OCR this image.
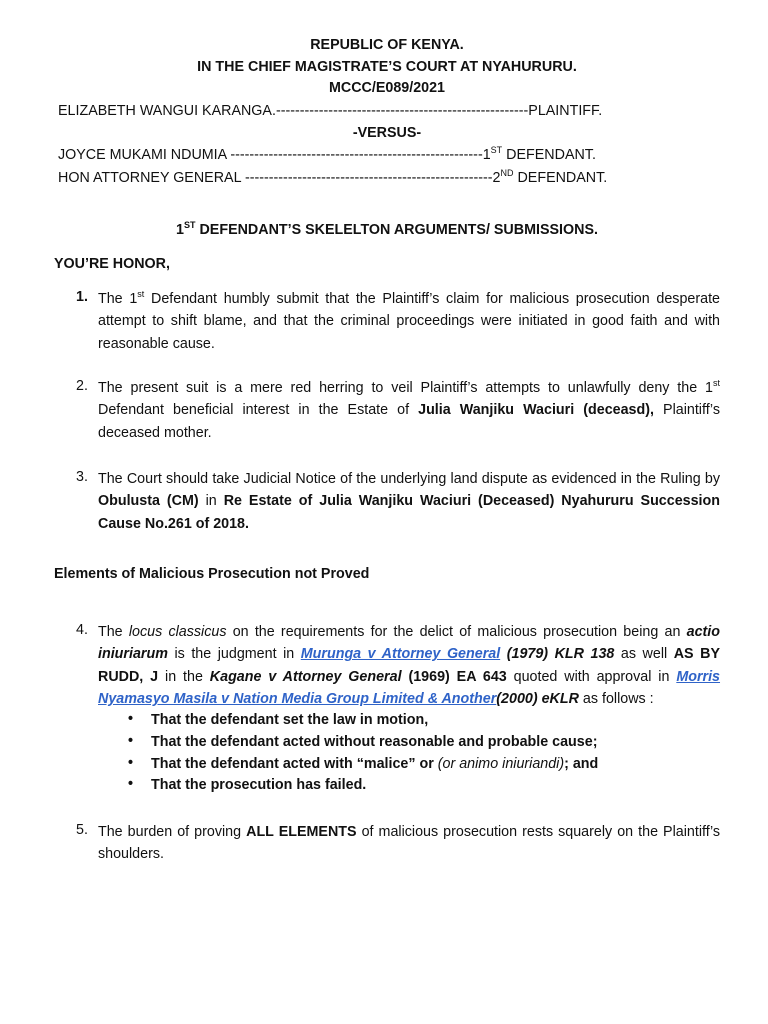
REPUBLIC OF KENYA.
IN THE CHIEF MAGISTRATE’S COURT AT NYAHURURU.
MCCC/E089/2021
ELIZABETH WANGUI KARANGA.-----------------------------------------------------PLAINTIFF.
-VERSUS-
JOYCE MUKAMI NDUMIA -----------------------------------------------------1ST DEFENDANT.
HON ATTORNEY GENERAL ----------------------------------------------------2ND DEFENDANT.
1ST DEFENDANT’S SKELELTON ARGUMENTS/ SUBMISSIONS.
YOU’RE HONOR,
1. The 1st Defendant humbly submit that the Plaintiff’s claim for malicious prosecution desperate attempt to shift blame, and that the criminal proceedings were initiated in good faith and with reasonable cause.
2. The present suit is a mere red herring to veil Plaintiff’s attempts to unlawfully deny the 1st Defendant beneficial interest in the Estate of Julia Wanjiku Waciuri (deceasd), Plaintiff’s deceased mother.
3. The Court should take Judicial Notice of the underlying land dispute as evidenced in the Ruling by Obulusta (CM) in Re Estate of Julia Wanjiku Waciuri (Deceased) Nyahururu Succession Cause No.261 of 2018.
Elements of Malicious Prosecution not Proved
4. The locus classicus on the requirements for the delict of malicious prosecution being an actio iniuriarum is the judgment in Murunga v Attorney General (1979) KLR 138 as well AS BY RUDD, J in the Kagane v Attorney General (1969) EA 643 quoted with approval in Morris Nyamasyo Masila v Nation Media Group Limited & Another(2000) eKLR as follows :
• That the defendant set the law in motion,
• That the defendant acted without reasonable and probable cause;
• That the defendant acted with “malice” or (or animo iniuriandi); and
• That the prosecution has failed.
5. The burden of proving ALL ELEMENTS of malicious prosecution rests squarely on the Plaintiff’s shoulders.
